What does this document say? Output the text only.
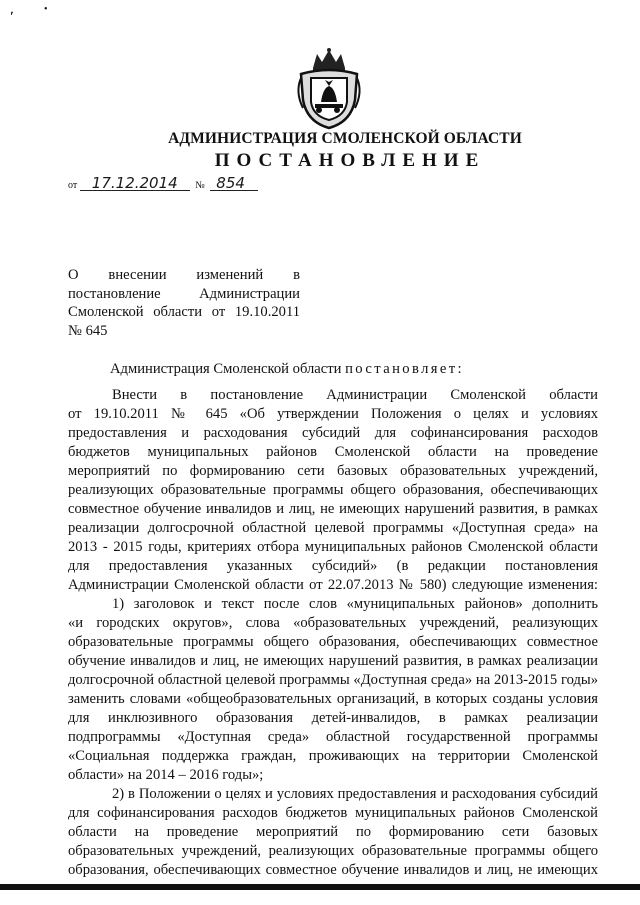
ʹ
•
АДМИНИСТРАЦИЯ СМОЛЕНСКОЙ ОБЛАСТИ
ПОСТАНОВЛЕНИЕ
от 17.12.2014 № 854
О внесении изменений в
постановление Администрации
Смоленской области от 19.10.2011
№ 645
Администрация Смоленской области постановляет:
Внести в постановление Администрации Смоленской области
от 19.10.2011 № 645 «Об утверждении Положения о целях и условиях
предоставления и расходования субсидий для софинансирования расходов
бюджетов муниципальных районов Смоленской области на проведение
мероприятий по формированию сети базовых образовательных учреждений,
реализующих образовательные программы общего образования, обеспечивающих
совместное обучение инвалидов и лиц, не имеющих нарушений развития, в рамках
реализации долгосрочной областной целевой программы «Доступная среда» на
2013 - 2015 годы, критериях отбора муниципальных районов Смоленской области
для предоставления указанных субсидий» (в редакции постановления
Администрации Смоленской области от 22.07.2013 № 580) следующие изменения:
1) заголовок и текст после слов «муниципальных районов» дополнить
«и городских округов», слова «образовательных учреждений, реализующих
образовательные программы общего образования, обеспечивающих совместное
обучение инвалидов и лиц, не имеющих нарушений развития, в рамках реализации
долгосрочной областной целевой программы «Доступная среда» на 2013-2015 годы»
заменить словами «общеобразовательных организаций, в которых созданы условия
для инклюзивного образования детей-инвалидов, в рамках реализации
подпрограммы «Доступная среда» областной государственной программы
«Социальная поддержка граждан, проживающих на территории Смоленской
области» на 2014 – 2016 годы»;
2) в Положении о целях и условиях предоставления и расходования субсидий
для софинансирования расходов бюджетов муниципальных районов Смоленской
области на проведение мероприятий по формированию сети базовых
образовательных учреждений, реализующих образовательные программы общего
образования, обеспечивающих совместное обучение инвалидов и лиц, не имеющих
